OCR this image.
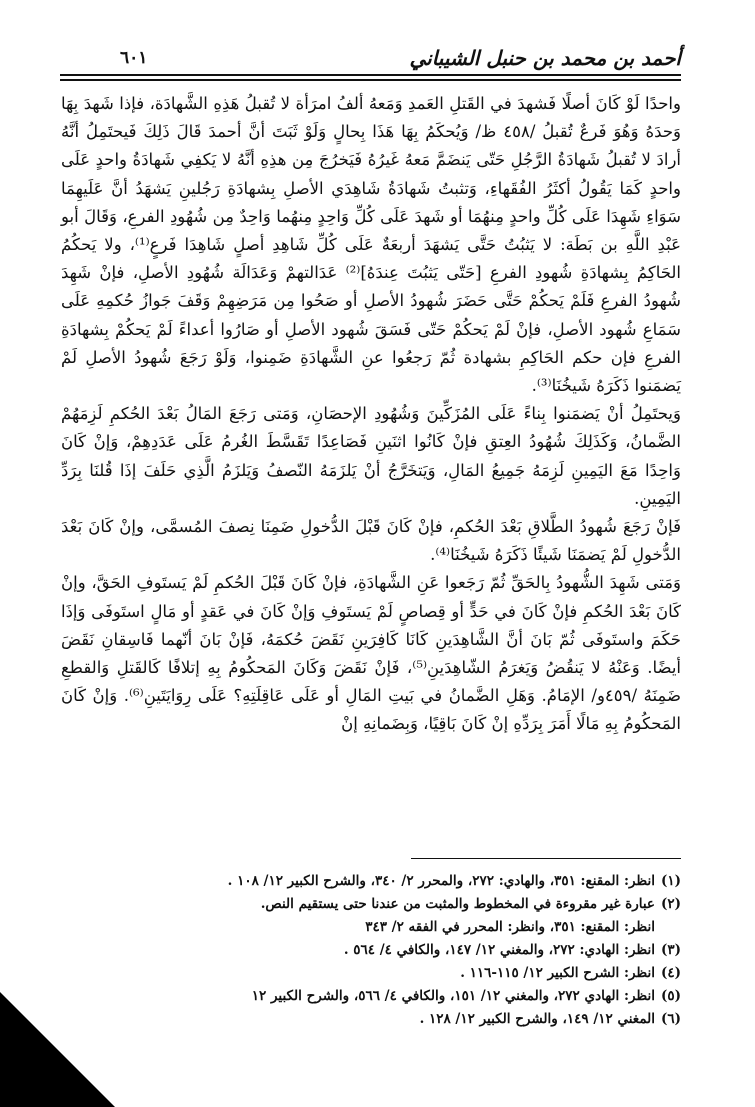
أحمد بن محمد بن حنبل الشيباني
٦٠١

واحدًا لَوْ كَانَ أصلًا فَشهدَ في القَتلِ العَمدِ وَمَعهُ ألفُ امرَأة لا تُقبلُ هَذِهِ الشَّهادَة، فإذا شَهدَ بِهَا وَحدَهُ وَهُوَ فَرعٌ تُقبلُ /٤٥٨ ظ/ وَيُحكَمُ بِهَا هَذَا بِحالٍ وَلَوْ ثَبَتَ أنَّ أحمدَ قَالَ ذَلِكَ فَيحتَمِلُ أنَّهُ أرادَ لا تُقبلُ شَهادَةُ الرَّجُلِ حَتّى يَنضَمَّ مَعهُ غَيرُهُ فَيَخرُجَ مِن هذِهِ أنَّهُ لا يَكفِي شَهادَةُ واحدٍ عَلَى واحدٍ كَمَا يَقُولُ أكثَرُ الفُقَهاءِ، وَتثبتُ شَهادَةُ شَاهِدَي الأصلِ بِشهادَةِ رَجُلينِ يَشهَدُ أنَّ عَلَيهِمَا سَوَاءِ شَهِدَا عَلَى كُلِّ واحدٍ مِنهُمَا أو شَهدَ عَلَى كُلِّ وَاحِدٍ مِنهُما وَاحِدٌ مِن شُهُودِ الفرعِ، وَقَالَ أبو عَبْدِ اللَّهِ بن بَطَة: لا يَثبُتُ حَتَّى يَشهَدَ أربعَةٌ عَلَى كُلِّ شَاهِدِ أصلٍ شَاهِدَا فَرعٍ⁽¹⁾، ولا يَحكُمُ الحَاكِمُ بِشهادَةِ شُهودِ الفرعِ [حَتّى يَثبُتَ عِندَهُ]⁽²⁾ عَدَالتهمْ وَعَدَالَة شُهُودِ الأصلِ، فإنْ شَهِدَ شُهودُ الفرعِ فَلَمْ يَحكُمْ حَتَّى حَضَرَ شُهودُ الأصلِ أو صَحُوا مِن مَرَضِهِمْ وَقَفَ جَوازُ حُكمِهِ عَلَى سَمَاعِ شُهود الأصلِ، فإنْ لَمْ يَحكُمْ حَتّى فَسَقَ شُهود الأصلِ أو صَارُوا أعداءً لَمْ يَحكُمْ بِشهادَةِ الفرعِ فإن حكم الحَاكِمِ بشهادة ثُمّ رَجعُوا عنِ الشَّهادَةِ ضَمِنوا، وَلَوْ رَجَعَ شُهودُ الأصلِ لَمْ يَضمَنوا ذَكَرَهُ شَيخُنَا⁽³⁾.

وَيحتَمِلُ أنْ يَضمَنوا بِناءً عَلَى المُزَكِّينَ وَشُهُودِ الإحصَانِ، وَمَتى رَجَعَ المَالُ بَعْدَ الحُكمِ لَزِمَهُمْ الضَّمانُ، وَكَذَلِكَ شُهُودُ العِتقِ فإنْ كَانُوا اثنَينِ فَصَاعِدًا تَقَسَّطَ الغُرمُ عَلَى عَدَدِهِمْ، وَإنْ كَانَ وَاحِدًا مَعَ اليَمِينِ لَزِمَهُ جَمِيعُ المَالِ، وَيَتخَرَّجُ أنْ يَلزَمَهُ النّصفُ وَيَلزَمُ الَّذِي حَلَفَ إذَا قُلنَا بِرَدِّ اليَمِينِ.

فَإنْ رَجَعَ شُهودُ الطَّلاقِ بَعْدَ الحُكمِ، فإنْ كَانَ قَبْلَ الدُّخولِ ضَمِنَا نِصفَ المُسمَّى، وإنْ كَانَ بَعْدَ الدُّخولِ لَمْ يَضمَنَا شَيئًا ذَكَرَهُ شَيخُنَا⁽⁴⁾.

وَمَتى شَهِدَ الشُّهودُ بِالحَقِّ ثُمّ رَجَعوا عَنِ الشَّهادَةِ، فإنْ كَانَ قَبْلَ الحُكمِ لَمْ يَستَوفِ الحَقَّ، وإنْ كَانَ بَعْدَ الحُكمِ فإنْ كَانَ في حَدٍّ أو قِصاصٍ لَمْ يَستَوفِ وَإنْ كَانَ في عَقدٍ أو مَالٍ استَوفَى وَإذَا حَكَمَ واستَوفَى ثُمّ بَانَ أنَّ الشَّاهِدَينِ كَانَا كَافِرَينِ نَقَضَ حُكمَهُ، فَإنْ بَانَ أنّهما فَاسِقانِ نَقَضَ أيضًا. وَعَنْهُ لا يَنقُضُ وَيَغرَمُ الشّاهِدَينِ⁽⁵⁾، فَإنْ نَقَضَ وَكَانَ المَحكُومُ بِهِ إتلافًا كَالقَتلِ وَالقطعِ ضَمِنَهُ /٤٥٩و/ الإمَامُ. وَهَلِ الضَّمانُ في بَيتِ المَالِ أو عَلَى عَاقِلَتِهِ؟ عَلَى رِوَايَتَينِ⁽⁶⁾. وَإنْ كَانَ المَحكُومُ بِهِ مَالًا أَمَرَ بِرَدِّهِ إنْ كَانَ بَاقِيًا، وَبِضَمانِهِ إنْ

(١)انظر: المقنع: ٣٥١، والهادي: ٢٧٢، والمحرر ٢/ ٣٤٠، والشرح الكبير ١٢/ ١٠٨ .

(٢)عبارة غير مقروءة في المخطوط والمثبت من عندنا حتى يستقيم النص.

انظر: المقنع: ٣٥١، وانظر: المحرر في الفقه ٢/ ٣٤٣

(٣)انظر: الهادي: ٢٧٢، والمغني ١٢/ ١٤٧، والكافي ٤/ ٥٦٤ .

(٤)انظر: الشرح الكبير ١٢/ ١١٥-١١٦ .

(٥)انظر: الهادي ٢٧٢، والمغني ١٢/ ١٥١، والكافي ٤/ ٥٦٦، والشرح الكبير ١٢

(٦)المغني ١٢/ ١٤٩، والشرح الكبير ١٢/ ١٢٨ .
